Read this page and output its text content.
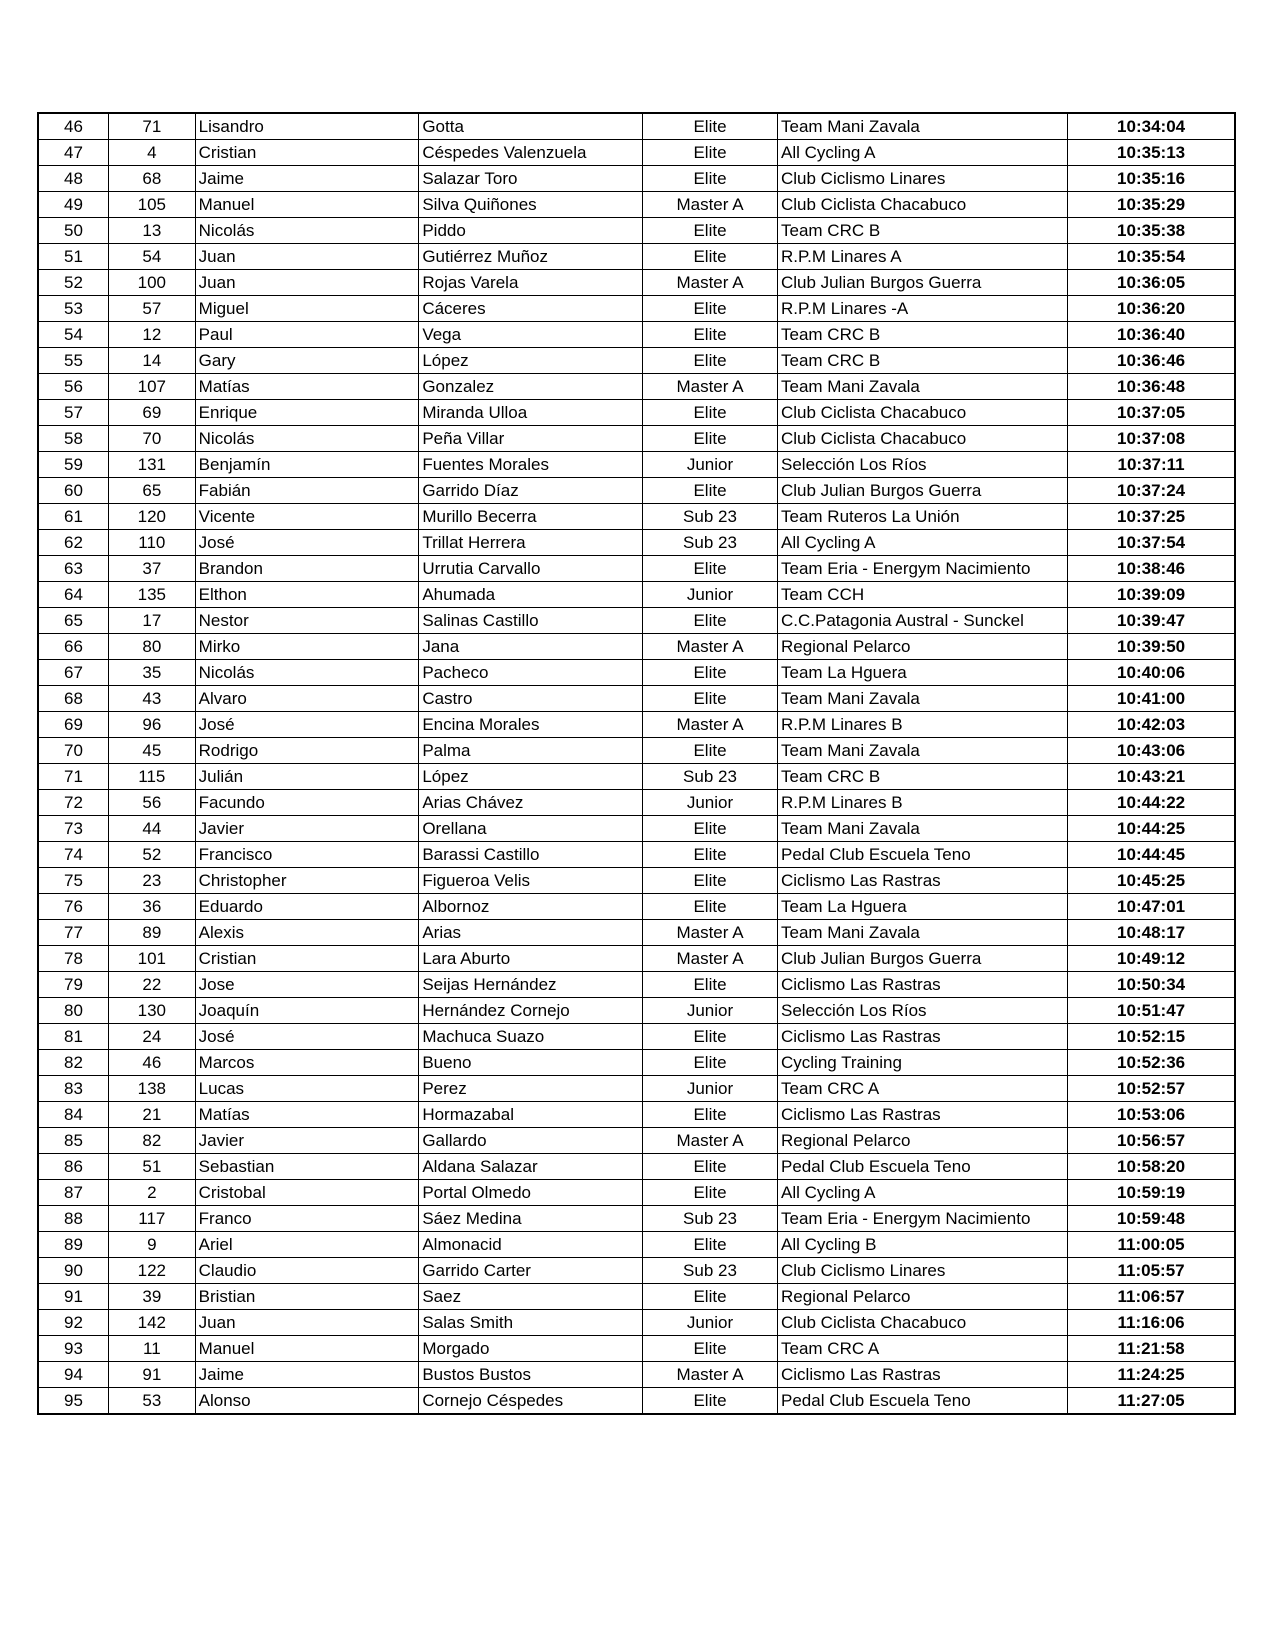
46	71	Lisandro	Gotta	Elite	Team Mani Zavala	10:34:04
47	4	Cristian	Céspedes Valenzuela	Elite	All Cycling A	10:35:13
48	68	Jaime	Salazar Toro	Elite	Club Ciclismo Linares	10:35:16
49	105	Manuel	Silva Quiñones	Master A	Club Ciclista Chacabuco	10:35:29
50	13	Nicolás	Piddo	Elite	Team CRC B	10:35:38
51	54	Juan	Gutiérrez Muñoz	Elite	R.P.M Linares A	10:35:54
52	100	Juan	Rojas Varela	Master A	Club Julian Burgos Guerra	10:36:05
53	57	Miguel	Cáceres	Elite	R.P.M Linares -A	10:36:20
54	12	Paul	Vega	Elite	Team CRC B	10:36:40
55	14	Gary	López	Elite	Team CRC B	10:36:46
56	107	Matías	Gonzalez	Master A	Team Mani Zavala	10:36:48
57	69	Enrique	Miranda Ulloa	Elite	Club Ciclista Chacabuco	10:37:05
58	70	Nicolás	Peña Villar	Elite	Club Ciclista Chacabuco	10:37:08
59	131	Benjamín	Fuentes Morales	Junior	Selección Los Ríos	10:37:11
60	65	Fabián	Garrido Díaz	Elite	Club Julian Burgos Guerra	10:37:24
61	120	Vicente	Murillo Becerra	Sub 23	Team Ruteros La Unión	10:37:25
62	110	José	Trillat Herrera	Sub 23	All Cycling A	10:37:54
63	37	Brandon	Urrutia Carvallo	Elite	Team Eria - Energym Nacimiento	10:38:46
64	135	Elthon	Ahumada	Junior	Team CCH	10:39:09
65	17	Nestor	Salinas Castillo	Elite	C.C.Patagonia Austral - Sunckel	10:39:47
66	80	Mirko	Jana	Master A	Regional Pelarco	10:39:50
67	35	Nicolás	Pacheco	Elite	Team La Hguera	10:40:06
68	43	Alvaro	Castro	Elite	Team Mani Zavala	10:41:00
69	96	José	Encina Morales	Master A	R.P.M Linares B	10:42:03
70	45	Rodrigo	Palma	Elite	Team Mani Zavala	10:43:06
71	115	Julián	López	Sub 23	Team CRC B	10:43:21
72	56	Facundo	Arias Chávez	Junior	R.P.M Linares B	10:44:22
73	44	Javier	Orellana	Elite	Team Mani Zavala	10:44:25
74	52	Francisco	Barassi Castillo	Elite	Pedal Club Escuela Teno	10:44:45
75	23	Christopher	Figueroa Velis	Elite	Ciclismo Las Rastras	10:45:25
76	36	Eduardo	Albornoz	Elite	Team La Hguera	10:47:01
77	89	Alexis	Arias	Master A	Team Mani Zavala	10:48:17
78	101	Cristian	Lara Aburto	Master A	Club Julian Burgos Guerra	10:49:12
79	22	Jose	Seijas Hernández	Elite	Ciclismo Las Rastras	10:50:34
80	130	Joaquín	Hernández Cornejo	Junior	Selección Los Ríos	10:51:47
81	24	José	Machuca Suazo	Elite	Ciclismo Las Rastras	10:52:15
82	46	Marcos	Bueno	Elite	Cycling Training	10:52:36
83	138	Lucas	Perez	Junior	Team CRC A	10:52:57
84	21	Matías	Hormazabal	Elite	Ciclismo Las Rastras	10:53:06
85	82	Javier	Gallardo	Master A	Regional Pelarco	10:56:57
86	51	Sebastian	Aldana Salazar	Elite	Pedal Club Escuela Teno	10:58:20
87	2	Cristobal	Portal Olmedo	Elite	All Cycling A	10:59:19
88	117	Franco	Sáez Medina	Sub 23	Team Eria - Energym Nacimiento	10:59:48
89	9	Ariel	Almonacid	Elite	All Cycling B	11:00:05
90	122	Claudio	Garrido Carter	Sub 23	Club Ciclismo Linares	11:05:57
91	39	Bristian	Saez	Elite	Regional Pelarco	11:06:57
92	142	Juan	Salas Smith	Junior	Club Ciclista Chacabuco	11:16:06
93	11	Manuel	Morgado	Elite	Team CRC A	11:21:58
94	91	Jaime	Bustos Bustos	Master A	Ciclismo Las Rastras	11:24:25
95	53	Alonso	Cornejo Céspedes	Elite	Pedal Club Escuela Teno	11:27:05
